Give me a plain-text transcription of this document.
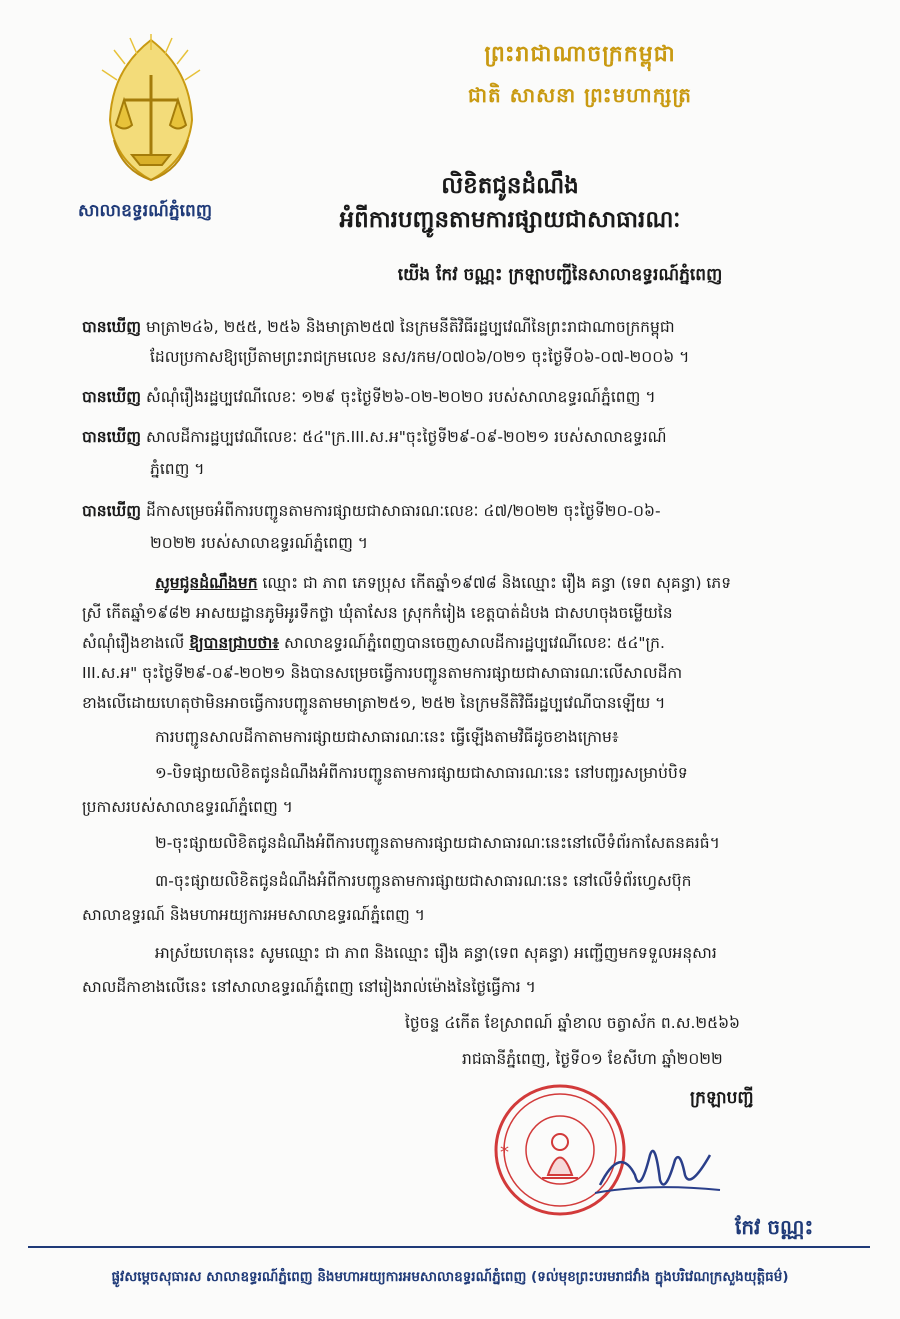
សាលាឧទ្ធរណ៍ភ្នំពេញ
ព្រះរាជាណាចក្រកម្ពុជា
ជាតិ សាសនា ព្រះមហាក្សត្រ
លិខិតជូនដំណឹង
អំពីការបញ្ជូនតាមការផ្សាយជាសាធារណៈ
យើង កែវ ចណ្ណះ ក្រឡាបញ្ជីនៃសាលាឧទ្ធរណ៍ភ្នំពេញ
បានឃើញ មាត្រា២៤៦, ២៥៥, ២៥៦ និងមាត្រា២៥៧ នៃក្រមនីតិវិធីរដ្ឋប្បវេណីនៃព្រះរាជាណាចក្រកម្ពុជា
ដែលប្រកាសឱ្យប្រើតាមព្រះរាជក្រមលេខ នស/រកម/០៧០៦/០២១ ចុះថ្ងៃទី០៦-០៧-២០០៦ ។
បានឃើញ សំណុំរឿងរដ្ឋប្បវេណីលេខៈ ១២៩ ចុះថ្ងៃទី២៦-០២-២០២០ របស់សាលាឧទ្ធរណ៍ភ្នំពេញ ។
បានឃើញ សាលដីការដ្ឋប្បវេណីលេខៈ ៥៤"ក្រ.III.ស.អ"ចុះថ្ងៃទី២៩-០៩-២០២១ របស់សាលាឧទ្ធរណ៍
ភ្នំពេញ ។
បានឃើញ ដីកាសម្រេចអំពីការបញ្ជូនតាមការផ្សាយជាសាធារណៈលេខៈ ៤៧/២០២២ ចុះថ្ងៃទី២០-០៦-
២០២២ របស់សាលាឧទ្ធរណ៍ភ្នំពេញ ។
សូមជូនដំណឹងមក ឈ្មោះ ជា ភាព ភេទប្រុស កើតឆ្នាំ១៩៧៨ និងឈ្មោះ រឿង គន្ធា (ទេព សុគន្ធា) ភេទ
ស្រី កើតឆ្នាំ១៩៨២ អាសយដ្ឋានភូមិអូរទឹកថ្លា ឃុំតាសែន ស្រុកកំរៀង ខេត្តបាត់ដំបង ជាសហចុងចម្លើយនៃ
សំណុំរឿងខាងលើ ឱ្យបានជ្រាបថា៖ សាលាឧទ្ធរណ៍ភ្នំពេញបានចេញសាលដីការដ្ឋប្បវេណីលេខៈ ៥៤"ក្រ.
III.ស.អ" ចុះថ្ងៃទី២៩-០៩-២០២១ និងបានសម្រេចធ្វើការបញ្ជូនតាមការផ្សាយជាសាធារណៈលើសាលដីកា
ខាងលើដោយហេតុថាមិនអាចធ្វើការបញ្ជូនតាមមាត្រា២៥១, ២៥២ នៃក្រមនីតិវិធីរដ្ឋប្បវេណីបានឡើយ ។
ការបញ្ជូនសាលដីកាតាមការផ្សាយជាសាធារណៈនេះ ធ្វើឡើងតាមវិធីដូចខាងក្រោម៖
១-បិទផ្សាយលិខិតជូនដំណឹងអំពីការបញ្ជូនតាមការផ្សាយជាសាធារណៈនេះ នៅបញ្ជរសម្រាប់បិទ
ប្រកាសរបស់សាលាឧទ្ធរណ៍ភ្នំពេញ ។
២-ចុះផ្សាយលិខិតជូនដំណឹងអំពីការបញ្ជូនតាមការផ្សាយជាសាធារណៈនេះនៅលើទំព័រកាសែតនគរធំ។
៣-ចុះផ្សាយលិខិតជូនដំណឹងអំពីការបញ្ជូនតាមការផ្សាយជាសាធារណៈនេះ នៅលើទំព័រហ្វេសប៊ុក
សាលាឧទ្ធរណ៍ និងមហាអយ្យការអមសាលាឧទ្ធរណ៍ភ្នំពេញ ។
អាស្រ័យហេតុនេះ សូមឈ្មោះ ជា ភាព និងឈ្មោះ រឿង គន្ធា(ទេព សុគន្ធា) អញ្ជើញមកទទួលអនុសារ
សាលដីកាខាងលើនេះ នៅសាលាឧទ្ធរណ៍ភ្នំពេញ នៅរៀងរាល់ម៉ោងនៃថ្ងៃធ្វើការ ។
ថ្ងៃចន្ទ ៤កើត ខែស្រាពណ៍ ឆ្នាំខាល ចត្វាស័ក ព.ស.២៥៦៦
រាជធានីភ្នំពេញ, ថ្ងៃទី០១ ខែសីហា ឆ្នាំ២០២២
ក្រឡាបញ្ជី
*
កែវ ចណ្ណះ
ផ្លូវសម្តេចសុធារស សាលាឧទ្ធរណ៍ភ្នំពេញ និងមហាអយ្យការអមសាលាឧទ្ធរណ៍ភ្នំពេញ (ទល់មុខព្រះបរមរាជវាំង ក្នុងបរិវេណក្រសួងយុត្តិធម៌)
